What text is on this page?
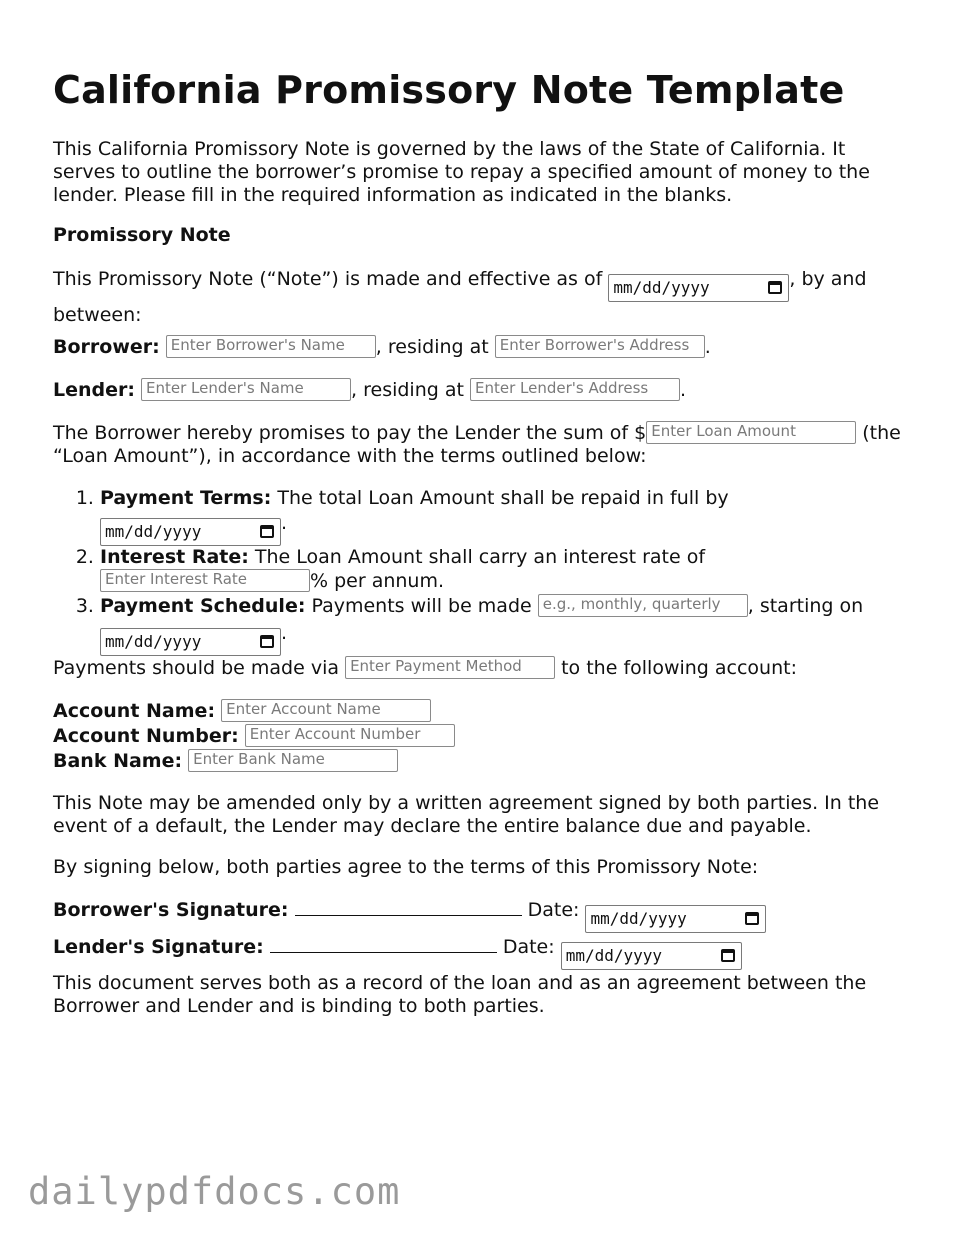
California Promissory Note Template

This California Promissory Note is governed by the laws of the State of California. It serves to outline the borrower’s promise to repay a specified amount of money to the lender. Please fill in the required information as indicated in the blanks.

Promissory Note

This Promissory Note (“Note”) is made and effective as of mm/dd/yyyy	, by and between:

Borrower: Enter Borrower's Name , residing at Enter Borrower's Address .

Lender: Enter Lender's Name , residing at Enter Lender's Address .

The Borrower hereby promises to pay the Lender the sum of $ Enter Loan Amount	(the “Loan Amount”), in accordance with the terms outlined below:

1. Payment Terms: The total Loan Amount shall be repaid in full by mm/dd/yyyy	.
2. Interest Rate: The Loan Amount shall carry an interest rate of Enter Interest Rate	% per annum.
3. Payment Schedule: Payments will be made e.g., monthly, quarterly , starting on mm/dd/yyyy	.

Payments should be made via Enter Payment Method to the following account:

Account Name: Enter Account Name
Account Number: Enter Account Number
Bank Name: Enter Bank Name

This Note may be amended only by a written agreement signed by both parties. In the event of a default, the Lender may declare the entire balance due and payable.

By signing below, both parties agree to the terms of this Promissory Note:

Borrower's Signature:	Date: mm/dd/yyyy

Lender's Signature:	Date: mm/dd/yyyy

This document serves both as a record of the loan and as an agreement between the Borrower and Lender and is binding to both parties.

dailypdfdocs.com
